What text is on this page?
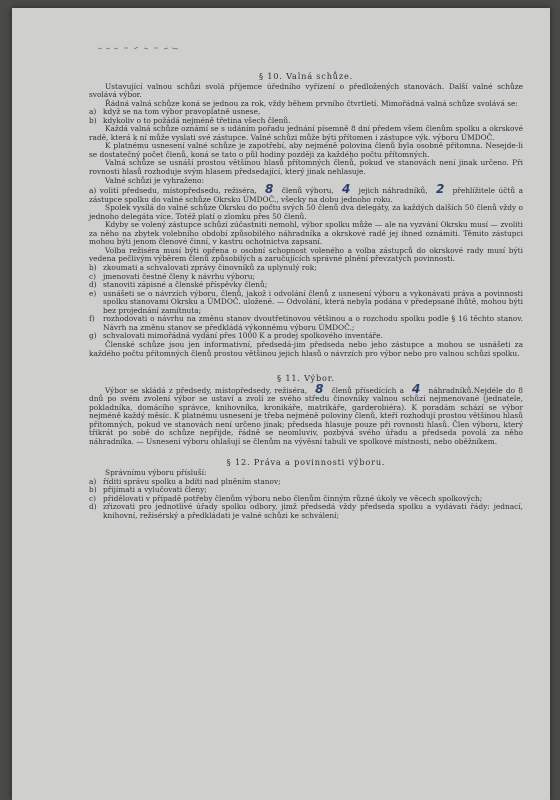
§ 10. Valná schůze.

Ustavující valnou schůzi svolá příjemce úředního vyřízení o předložených stanovách. Další valné schůze svolává výbor.

Řádná valná schůze koná se jednou za rok, vždy během prvního čtvrtletí. Mimořádná valná schůze svolává se:

a) když se na tom výbor pravoplatně usnese,

b) kdykoliv o to požádá nejméně třetina všech členů.

Každá valná schůze oznámí se s udáním pořadu jednání písemně 8 dní předem všem členům spolku a okrskové radě, která k ní může vyslati své zástupce. Valné schůzi může býti přítomen i zástupce výk. výboru ÚMDOČ.

K platnému usnesení valné schůze je zapotřebí, aby nejméně polovina členů byla osobně přítomna. Nesejde-li se dostatečný počet členů, koná se tato o půl hodiny později za každého počtu přítomných.

Valná schůze se usnáší prostou většinou hlasů přítomných členů, pokud ve stanovách není jinak určeno. Při rovnosti hlasů rozhoduje svým hlasem předsedající, který jinak nehlasuje.

Valné schůzi je vyhraženo:

a) volití předsedu, místopředsedu, režiséra, 8 členů výboru, 4 jejich náhradníků, 2 přehlížitele účtů a zástupce spolku do valné schůze Okrsku ÚMDOČ., všecky na dobu jednoho roku.

Spolek vysílá do valné schůze Okrsku do počtu svých 50 členů dva delegáty, za každých dalších 50 členů vždy o jednoho delegáta více. Totéž platí o zlomku přes 50 členů.

Kdyby se volený zástupce schůzí zúčastniti nemohl, výbor spolku může — ale na vyzvání Okrsku musí — zvoliti za něho na zbytek volebního období způsobilého náhradníka a okrskové radě jej ihned oznámiti. Těmito zástupci mohou býti jenom členové činní, v kastru ochotnictva zapsaní.

Volba režiséra musí býti opřena o osobní schopnost voleného a volba zástupců do okrskové rady musí býti vedena pečlivým výběrem členů způsobilých a zaručujících správné plnění převzatých povinností.

b) zkoumati a schvalovati zprávy činovníků za uplynulý rok;

c) jmenovati čestné členy k návrhu výboru;

d) stanoviti zápisné a členské příspěvky členů;

e) usnášeti se o návrzích výboru, členů, jakož i odvolání členů z usnesení výboru a vykonávati práva a povinnosti spolku stanovami Okrsku a ÚMDOČ. uložené. — Odvolání, která nebyla podána v předepsané lhůtě, mohou býti bez projednání zamítnuta;

f) rozhodovati o návrhu na změnu stanov dvoutřetinovou většinou a o rozchodu spolku podle § 16 těchto stanov. Návrh na změnu stanov se předkládá výkonnému výboru ÚMDOČ.;

g) schvalovati mimořádná vydání přes 1000 K a prodej spolkového inventáře.

Členské schůze jsou jen informativní, předsedá-jim předseda nebo jeho zástupce a mohou se usnášeti za každého počtu přítomných členů prostou většinou jejich hlasů o návrzích pro výbor nebo pro valnou schůzi spolku.

§ 11. Výbor.

Výbor se skládá z předsedy, místopředsedy, režiséra, 8 členů přísedících a 4 náhradníků.Nejdéle do 8 dnů po svém zvolení výbor se ustaví a zvolí ze svého středu činovníky valnou schůzí nejmenované (jednatele, pokladníka, domácího správce, knihovníka, kronikáře, matrikáře, garderobiéra). K poradám schází se výbor nejméně každý měsíc. K platnému usnesení je třeba nejméně poloviny členů, kteří rozhodují prostou většinou hlasů přítomných, pokud ve stanovách není určeno jinak; předseda hlasuje pouze při rovnosti hlasů. Člen výboru, který třikrát po sobě do schůze nepřijde, řádně se neomluviv, pozbývá svého úřadu a předseda povolá za něho náhradníka. — Usnesení výboru ohlašují se členům na vývěsní tabuli ve spolkové místnosti, nebo oběžníkem.

§ 12. Práva a povinnosti výboru.

Správnímu výboru přísluší:

a) říditi správu spolku a bdíti nad plněním stanov;

b) přijímati a vylučovati členy;

c) přidělovati v případě potřeby členům výboru nebo členům činným různé úkoly ve věcech spolkových;

d) zřizovati pro jednotlivé úřady spolku odbory, jimž předsedá vždy předseda spolku a vydávati řády: jednací, knihovní, režisérský a předkládati je valné schůzi ke schválení;
